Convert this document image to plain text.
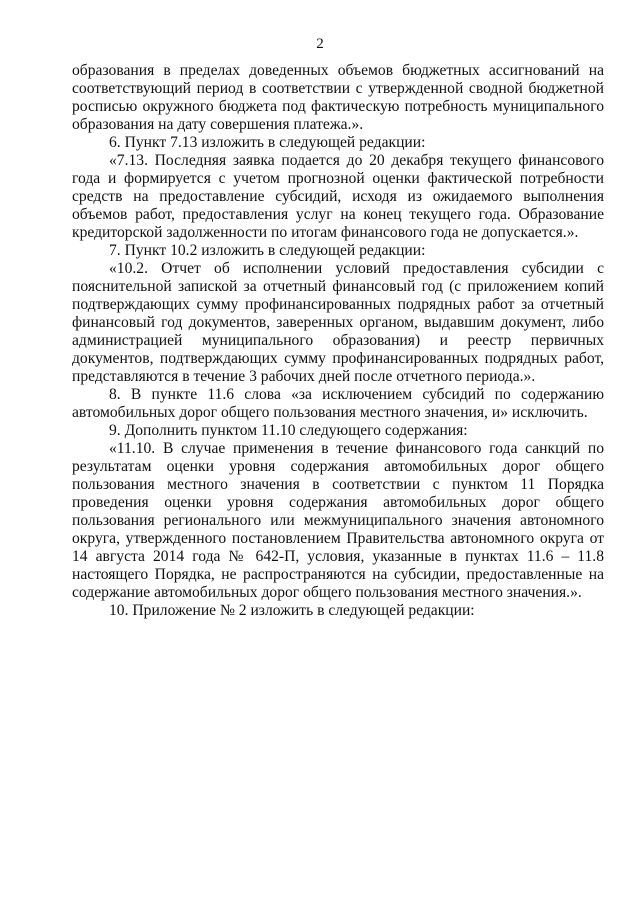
2

образования в пределах доведенных объемов бюджетных ассигнований на соответствующий период в соответствии с утвержденной сводной бюджетной росписью окружного бюджета под фактическую потребность муниципального образования на дату совершения платежа.».

6. Пункт 7.13 изложить в следующей редакции:

«7.13. Последняя заявка подается до 20 декабря текущего финансового года и формируется с учетом прогнозной оценки фактической потребности средств на предоставление субсидий, исходя из ожидаемого выполнения объемов работ, предоставления услуг на конец текущего года. Образование кредиторской задолженности по итогам финансового года не допускается.».

7. Пункт 10.2 изложить в следующей редакции:

«10.2. Отчет об исполнении условий предоставления субсидии с пояснительной запиской за отчетный финансовый год (с приложением копий подтверждающих сумму профинансированных подрядных работ за отчетный финансовый год документов, заверенных органом, выдавшим документ, либо администрацией муниципального образования) и реестр первичных документов, подтверждающих сумму профинансированных подрядных работ, представляются в течение 3 рабочих дней после отчетного периода.».

8. В пункте 11.6 слова «за исключением субсидий по содержанию автомобильных дорог общего пользования местного значения, и» исключить.

9. Дополнить пунктом 11.10 следующего содержания:

«11.10. В случае применения в течение финансового года санкций по результатам оценки уровня содержания автомобильных дорог общего пользования местного значения в соответствии с пунктом 11 Порядка проведения оценки уровня содержания автомобильных дорог общего пользования регионального или межмуниципального значения автономного округа, утвержденного постановлением Правительства автономного округа от 14 августа 2014 года № 642-П, условия, указанные в пунктах 11.6 – 11.8 настоящего Порядка, не распространяются на субсидии, предоставленные на содержание автомобильных дорог общего пользования местного значения.».

10. Приложение № 2 изложить в следующей редакции:
